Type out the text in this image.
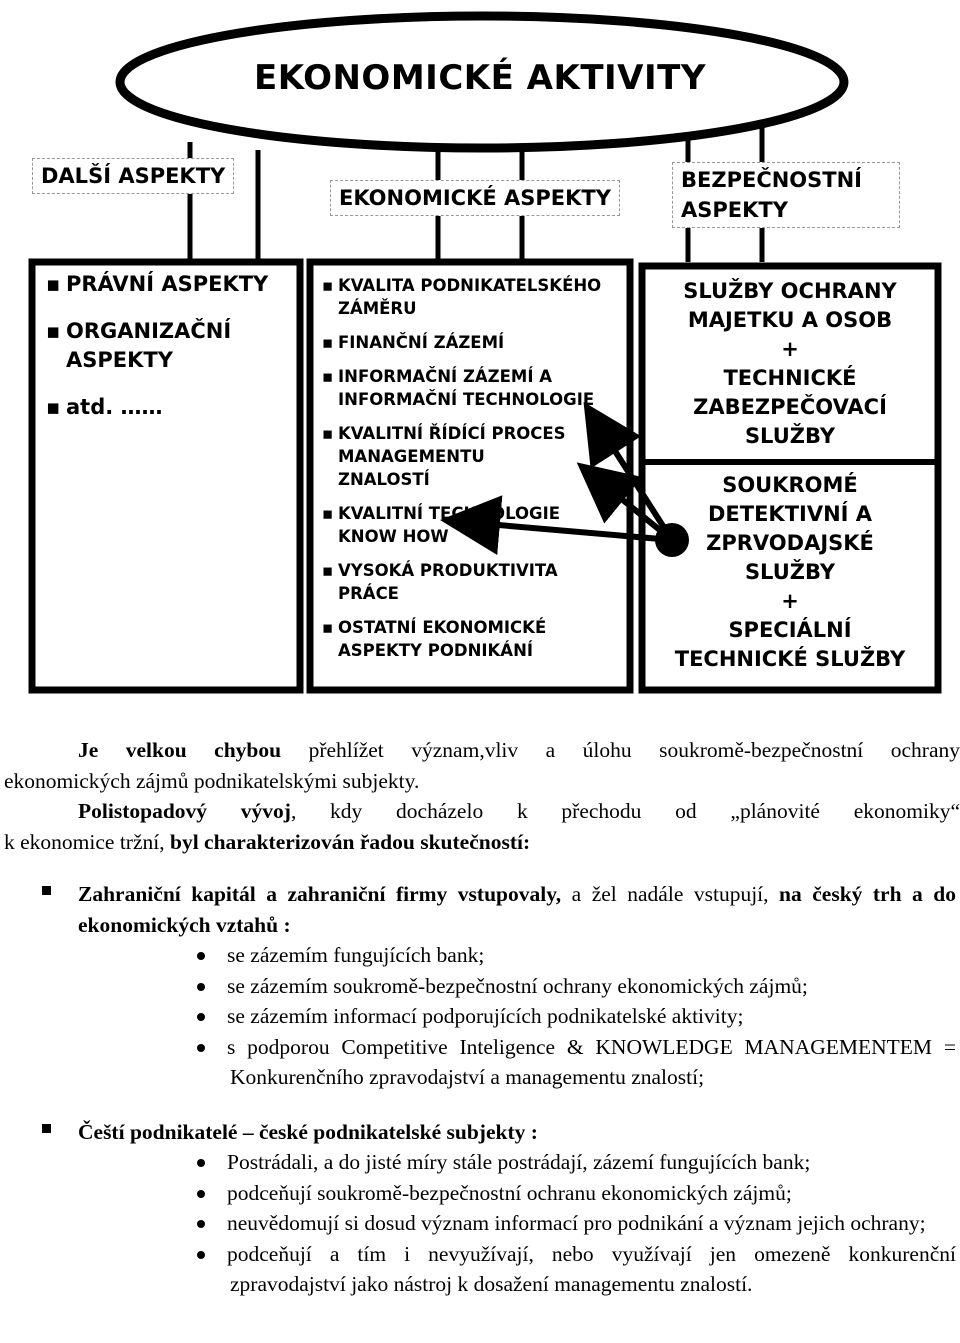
EKONOMICKÉ AKTIVITY
DALŠÍ ASPEKTY
EKONOMICKÉ ASPEKTY
BEZPEČNOSTNÍ
ASPEKTY
▪ PRÁVNÍ ASPEKTY
▪ ORGANIZAČNÍ ASPEKTY
▪ atd. ……
▪ KVALITA PODNIKATELSKÉHO ZÁMĚRU
▪ FINANČNÍ ZÁZEMÍ
▪ INFORMAČNÍ ZÁZEMÍ A INFORMAČNÍ TECHNOLOGIE
▪ KVALITNÍ ŘÍDÍCÍ PROCES MANAGEMENTU ZNALOSTÍ
▪ KVALITNÍ TECHNOLOGIE KNOW HOW
▪ VYSOKÁ PRODUKTIVITA PRÁCE
▪ OSTATNÍ EKONOMICKÉ ASPEKTY PODNIKÁNÍ
SLUŽBY OCHRANY
MAJETKU A OSOB
+
TECHNICKÉ
ZABEZPEČOVACÍ
SLUŽBY
SOUKROMÉ
DETEKTIVNÍ A
ZPRVODAJSKÉ
SLUŽBY
+
SPECIÁLNÍ
TECHNICKÉ SLUŽBY

Je velkou chybou přehlížet význam,vliv a úlohu soukromě-bezpečnostní ochrany

ekonomických zájmů podnikatelskými subjekty.

Polistopadový vývoj, kdy docházelo k přechodu od „plánovité ekonomiky“

k ekonomice tržní, byl charakterizován řadou skutečností:

Zahraniční kapitál a zahraniční firmy vstupovaly, a žel nadále vstupují, na český trh a do ekonomických vztahů :
se zázemím fungujících bank;
se zázemím soukromě-bezpečnostní ochrany ekonomických zájmů;
se zázemím informací podporujících podnikatelské aktivity;
s podporou Competitive Inteligence & KNOWLEDGE MANAGEMENTEM = Konkurenčního zpravodajství a managementu znalostí;
Čeští podnikatelé – české podnikatelské subjekty :
Postrádali, a do jisté míry stále postrádají, zázemí fungujících bank;
podceňují soukromě-bezpečnostní ochranu ekonomických zájmů;
neuvědomují si dosud význam informací pro podnikání a význam jejich ochrany;
podceňují a tím i nevyužívají, nebo využívají jen omezeně konkurenční zpravodajství jako nástroj k dosažení managementu znalostí.
